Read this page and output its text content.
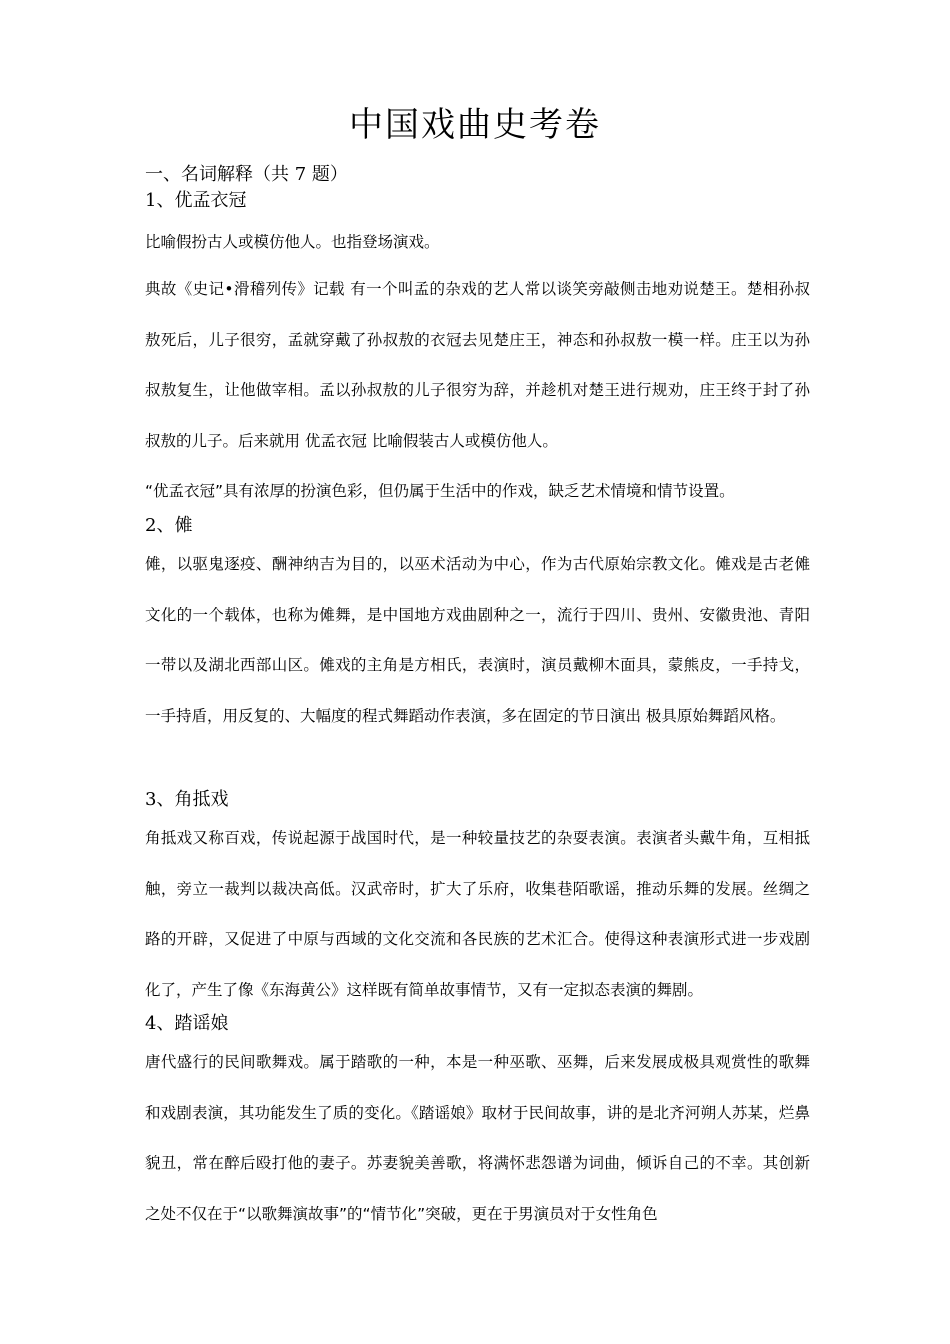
中国戏曲史考卷
一、名词解释（共 7 题）
1、优孟衣冠
比喻假扮古人或模仿他人。也指登场演戏。
典故《史记•滑稽列传》记载 有一个叫孟的杂戏的艺人常以谈笑旁敲侧击地劝说楚王。楚相孙叔敖死后，儿子很穷，孟就穿戴了孙叔敖的衣冠去见楚庄王，神态和孙叔敖一模一样。庄王以为孙叔敖复生，让他做宰相。孟以孙叔敖的儿子很穷为辞，并趁机对楚王进行规劝，庄王终于封了孙叔敖的儿子。后来就用 优孟衣冠 比喻假装古人或模仿他人。
“优孟衣冠”具有浓厚的扮演色彩，但仍属于生活中的作戏，缺乏艺术情境和情节设置。
2、傩
傩，以驱鬼逐疫、酬神纳吉为目的，以巫术活动为中心，作为古代原始宗教文化。傩戏是古老傩文化的一个载体，也称为傩舞，是中国地方戏曲剧种之一，流行于四川、贵州、安徽贵池、青阳一带以及湖北西部山区。傩戏的主角是方相氏，表演时，演员戴柳木面具，蒙熊皮，一手持戈，一手持盾，用反复的、大幅度的程式舞蹈动作表演，多在固定的节日演出 极具原始舞蹈风格。
3、角抵戏
角抵戏又称百戏，传说起源于战国时代，是一种较量技艺的杂耍表演。表演者头戴牛角，互相抵触，旁立一裁判以裁决高低。汉武帝时，扩大了乐府，收集巷陌歌谣，推动乐舞的发展。丝绸之路的开辟，又促进了中原与西域的文化交流和各民族的艺术汇合。使得这种表演形式进一步戏剧化了，产生了像《东海黄公》这样既有简单故事情节，又有一定拟态表演的舞剧。
4、踏谣娘
唐代盛行的民间歌舞戏。属于踏歌的一种，本是一种巫歌、巫舞，后来发展成极具观赏性的歌舞和戏剧表演，其功能发生了质的变化。《踏谣娘》取材于民间故事，讲的是北齐河朔人苏某，烂鼻貌丑，常在醉后殴打他的妻子。苏妻貌美善歌，将满怀悲怨谱为词曲，倾诉自己的不幸。其创新之处不仅在于“以歌舞演故事”的“情节化”突破，更在于男演员对于女性角色
